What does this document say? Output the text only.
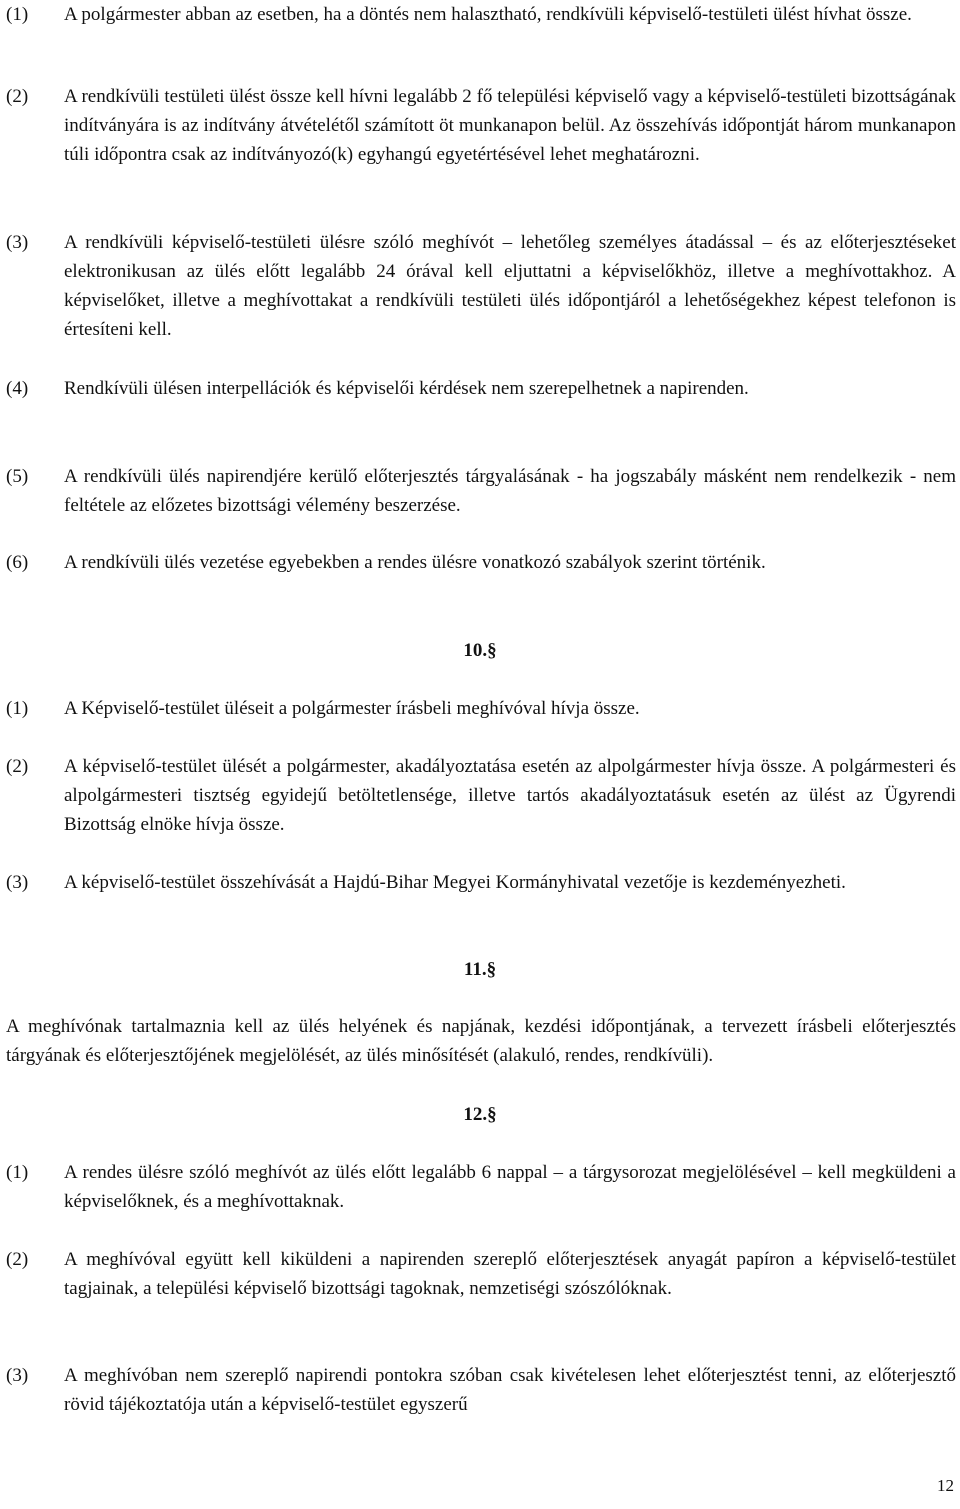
(1) A polgármester abban az esetben, ha a döntés nem halasztható, rendkívüli képviselő-testületi ülést hívhat össze.
(2) A rendkívüli testületi ülést össze kell hívni legalább 2 fő települési képviselő vagy a képviselő-testületi bizottságának indítványára is az indítvány átvételétől számított öt munkanapon belül. Az összehívás időpontját három munkanapon túli időpontra csak az indítványozó(k) egyhangú egyetértésével lehet meghatározni.
(3) A rendkívüli képviselő-testületi ülésre szóló meghívót – lehetőleg személyes átadással – és az előterjesztéseket elektronikusan az ülés előtt legalább 24 órával kell eljuttatni a képviselőkhöz, illetve a meghívottakhoz. A képviselőket, illetve a meghívottakat a rendkívüli testületi ülés időpontjáról a lehetőségekhez képest telefonon is értesíteni kell.
(4) Rendkívüli ülésen interpellációk és képviselői kérdések nem szerepelhetnek a napirenden.
(5) A rendkívüli ülés napirendjére kerülő előterjesztés tárgyalásának - ha jogszabály másként nem rendelkezik - nem feltétele az előzetes bizottsági vélemény beszerzése.
(6) A rendkívüli ülés vezetése egyebekben a rendes ülésre vonatkozó szabályok szerint történik.
10.§
(1) A Képviselő-testület üléseit a polgármester írásbeli meghívóval hívja össze.
(2) A képviselő-testület ülését a polgármester, akadályoztatása esetén az alpolgármester hívja össze. A polgármesteri és alpolgármesteri tisztség egyidejű betöltetlensége, illetve tartós akadályoztatásuk esetén az ülést az Ügyrendi Bizottság elnöke hívja össze.
(3) A képviselő-testület összehívását a Hajdú-Bihar Megyei Kormányhivatal vezetője is kezdeményezheti.
11.§
A meghívónak tartalmaznia kell az ülés helyének és napjának, kezdési időpontjának, a tervezett írásbeli előterjesztés tárgyának és előterjesztőjének megjelölését, az ülés minősítését (alakuló, rendes, rendkívüli).
12.§
(1) A rendes ülésre szóló meghívót az ülés előtt legalább 6 nappal – a tárgysorozat megjelölésével – kell megküldeni a képviselőknek, és a meghívottaknak.
(2) A meghívóval együtt kell kiküldeni a napirenden szereplő előterjesztések anyagát papíron a képviselő-testület tagjainak, a települési képviselő bizottsági tagoknak, nemzetiségi szószólóknak.
(3) A meghívóban nem szereplő napirendi pontokra szóban csak kivételesen lehet előterjesztést tenni, az előterjesztő rövid tájékoztatója után a képviselő-testület egyszerű
12
